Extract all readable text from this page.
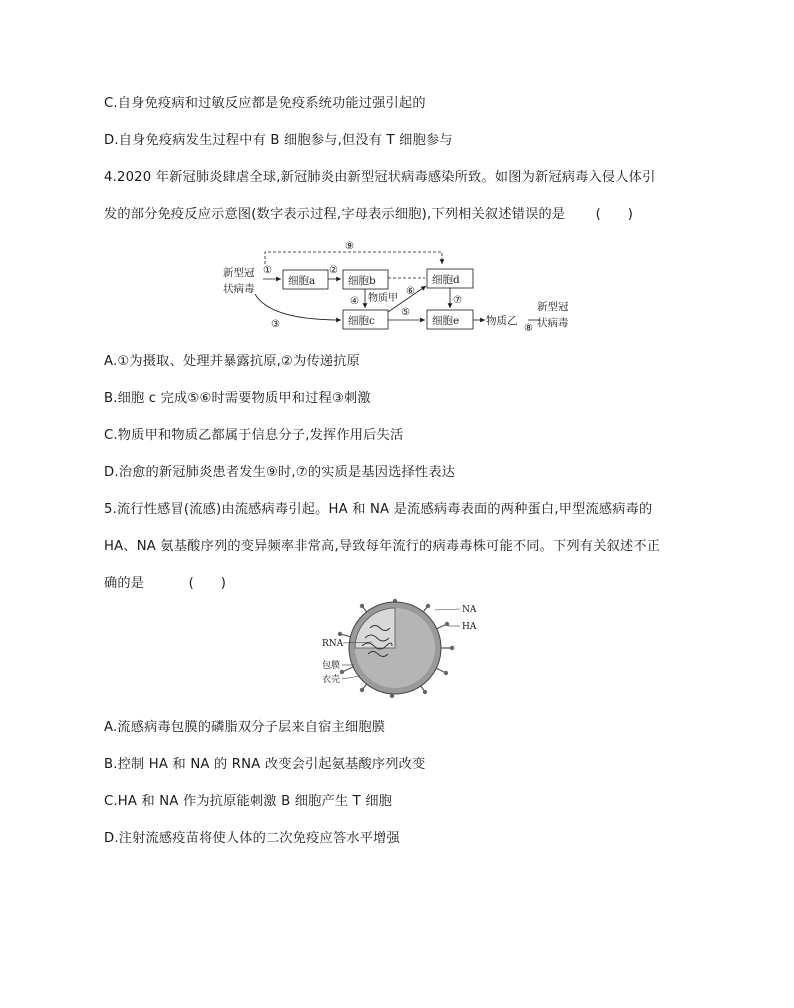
C.自身免疫病和过敏反应都是免疫系统功能过强引起的
D.自身免疫病发生过程中有 B 细胞参与,但没有 T 细胞参与
4.2020 年新冠肺炎肆虐全球,新冠肺炎由新型冠状病毒感染所致。如图为新冠病毒入侵人体引
发的部分免疫反应示意图(数字表示过程,字母表示细胞),下列相关叙述错误的是 (　　)
⑨
新型冠
状病毒
细胞a	细胞b	细胞d
细胞c	细胞e
①	②
④ 物质甲
⑥
⑦
⑤
③	物质乙
⑧
新型冠
状病毒
A.①为摄取、处理并暴露抗原,②为传递抗原
B.细胞 c 完成⑤⑥时需要物质甲和过程③刺激
C.物质甲和物质乙都属于信息分子,发挥作用后失活
D.治愈的新冠肺炎患者发生⑨时,⑦的实质是基因选择性表达
5.流行性感冒(流感)由流感病毒引起。HA 和 NA 是流感病毒表面的两种蛋白,甲型流感病毒的
HA、NA 氨基酸序列的变异频率非常高,导致每年流行的病毒毒株可能不同。下列有关叙述不正
确的是	(　　)
NA
HA
RNA
包膜
衣壳
A.流感病毒包膜的磷脂双分子层来自宿主细胞膜
B.控制 HA 和 NA 的 RNA 改变会引起氨基酸序列改变
C.HA 和 NA 作为抗原能刺激 B 细胞产生 T 细胞
D.注射流感疫苗将使人体的二次免疫应答水平增强
